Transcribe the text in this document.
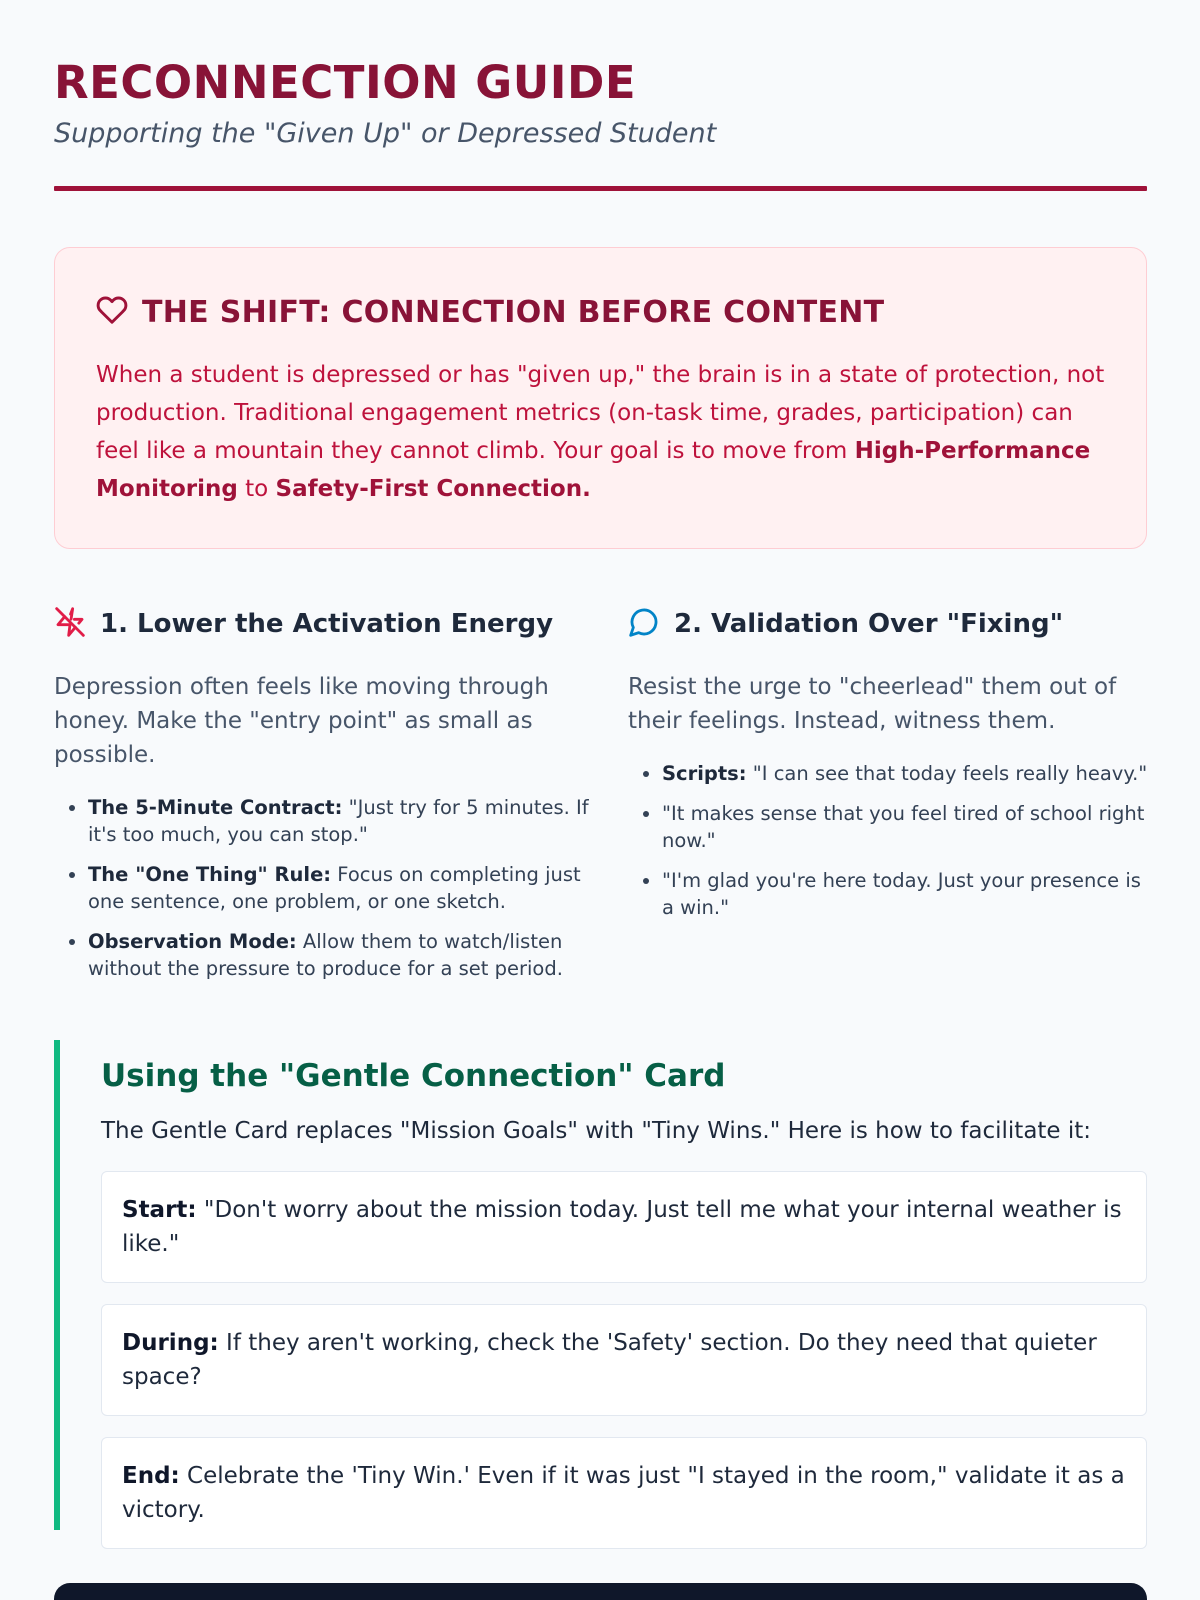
RECONNECTION GUIDE
Supporting the "Given Up" or Depressed Student
THE SHIFT: CONNECTION BEFORE CONTENT

When a student is depressed or has "given up," the brain is in a state of protection, not production. Traditional engagement metrics (on-task time, grades, participation) can feel like a mountain they cannot climb. Your goal is to move from High-Performance Monitoring to Safety-First Connection.

1. Lower the Activation Energy

Depression often feels like moving through honey. Make the "entry point" as small as possible.

• The 5-Minute Contract: "Just try for 5 minutes. If it's too much, you can stop."
• The "One Thing" Rule: Focus on completing just one sentence, one problem, or one sketch.
• Observation Mode: Allow them to watch/listen without the pressure to produce for a set period.
2. Validation Over "Fixing"

Resist the urge to "cheerlead" them out of their feelings. Instead, witness them.

• Scripts: "I can see that today feels really heavy."
• "It makes sense that you feel tired of school right now."
• "I'm glad you're here today. Just your presence is a win."
Using the "Gentle Connection" Card

The Gentle Card replaces "Mission Goals" with "Tiny Wins." Here is how to facilitate it:

Start: "Don't worry about the mission today. Just tell me what your internal weather is like."
During: If they aren't working, check the 'Safety' section. Do they need that quieter space?
End: Celebrate the 'Tiny Win.' Even if it was just "I stayed in the room," validate it as a victory.
